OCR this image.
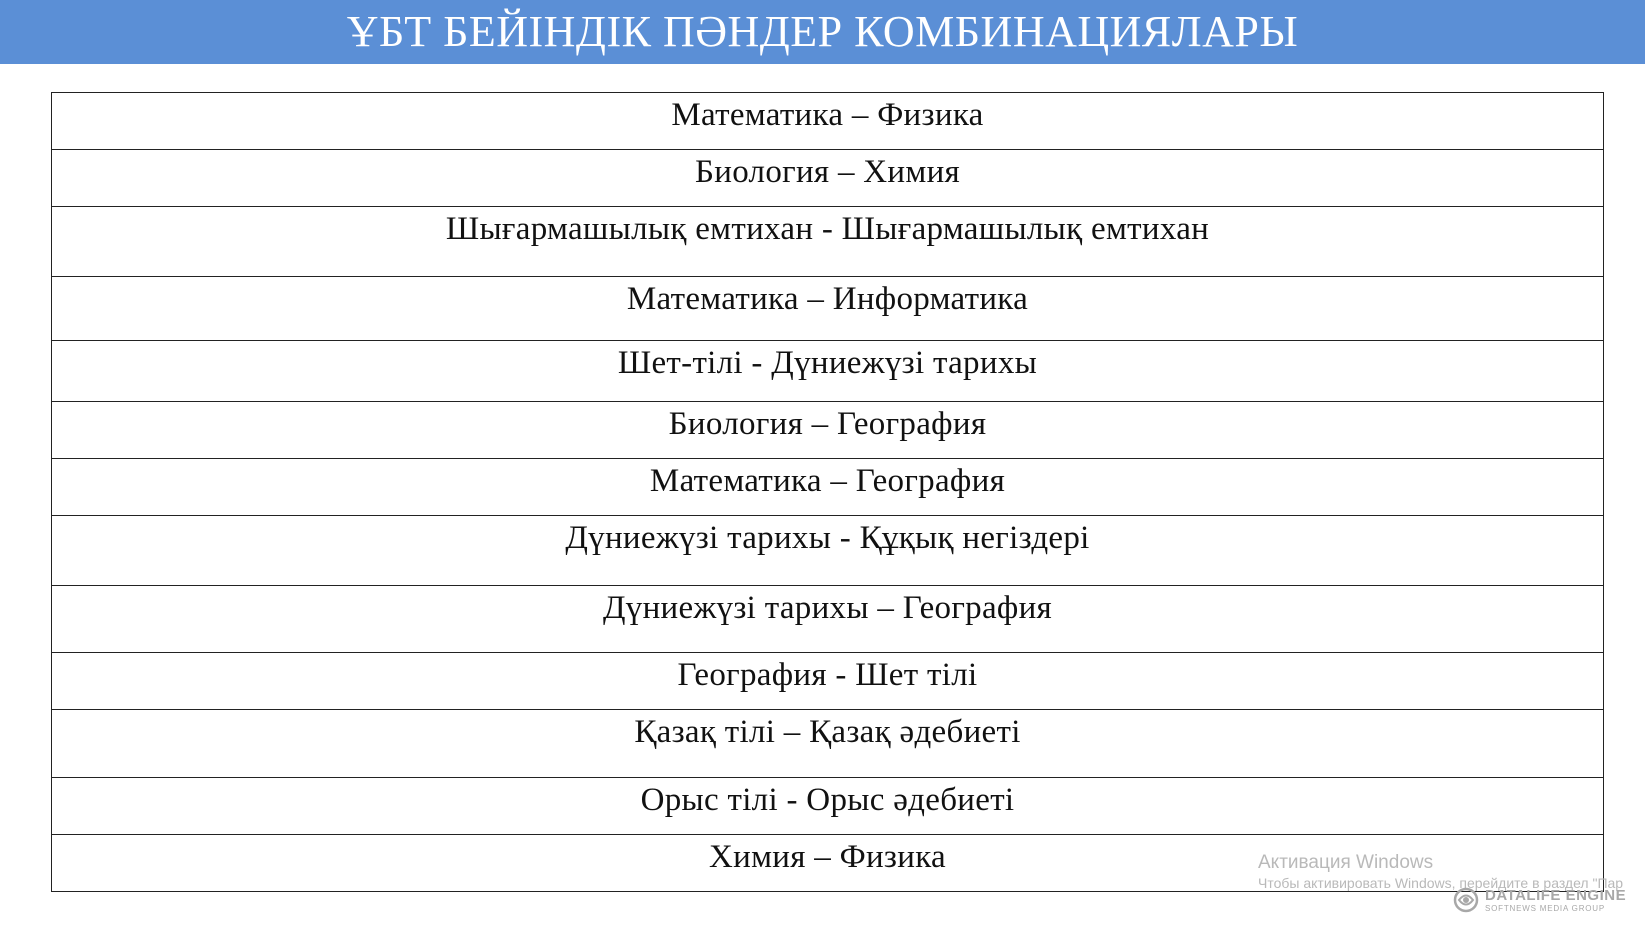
ҰБТ БЕЙІНДІК ПӘНДЕР КОМБИНАЦИЯЛАРЫ
Математика – Физика
Биология – Химия
Шығармашылық емтихан - Шығармашылық емтихан
Математика – Информатика
Шет-тілі - Дүниежүзі тарихы
Биология – География
Математика – География
Дүниежүзі тарихы - Құқық негіздері
Дүниежүзі тарихы – География
География - Шет тілі
Қазақ тілі – Қазақ әдебиеті
Орыс тілі - Орыс әдебиеті
Химия – Физика	Активация Windows
Чтобы активировать Windows, перейдите в раздел "Пар
DATALIFE ENGINE
SOFTNEWS MEDIA GROUP
